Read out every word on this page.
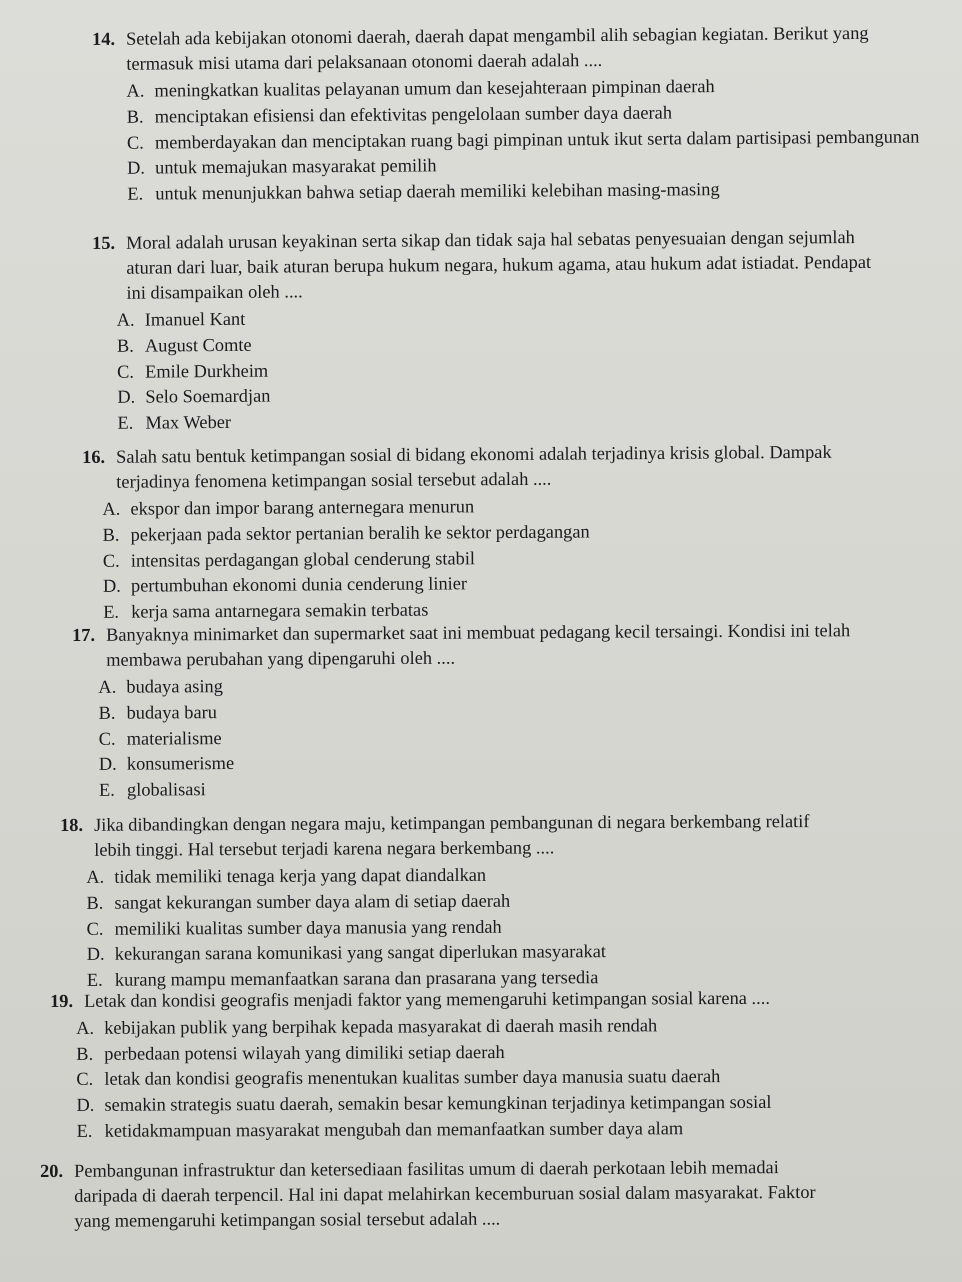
14. Setelah ada kebijakan otonomi daerah, daerah dapat mengambil alih sebagian kegiatan. Berikut yang

termasuk misi utama dari pelaksanaan otonomi daerah adalah ....

A. meningkatkan kualitas pelayanan umum dan kesejahteraan pimpinan daerah
B. menciptakan efisiensi dan efektivitas pengelolaan sumber daya daerah
C. memberdayakan dan menciptakan ruang bagi pimpinan untuk ikut serta dalam partisipasi pembangunan
D. untuk memajukan masyarakat pemilih
E. untuk menunjukkan bahwa setiap daerah memiliki kelebihan masing-masing
15. Moral adalah urusan keyakinan serta sikap dan tidak saja hal sebatas penyesuaian dengan sejumlah

aturan dari luar, baik aturan berupa hukum negara, hukum agama, atau hukum adat istiadat. Pendapat

ini disampaikan oleh ....

A. Imanuel Kant
B. August Comte
C. Emile Durkheim
D. Selo Soemardjan
E. Max Weber
16. Salah satu bentuk ketimpangan sosial di bidang ekonomi adalah terjadinya krisis global. Dampak

terjadinya fenomena ketimpangan sosial tersebut adalah ....

A. ekspor dan impor barang anternegara menurun
B. pekerjaan pada sektor pertanian beralih ke sektor perdagangan
C. intensitas perdagangan global cenderung stabil
D. pertumbuhan ekonomi dunia cenderung linier
E. kerja sama antarnegara semakin terbatas
17. Banyaknya minimarket dan supermarket saat ini membuat pedagang kecil tersaingi. Kondisi ini telah

membawa perubahan yang dipengaruhi oleh ....

A. budaya asing
B. budaya baru
C. materialisme
D. konsumerisme
E. globalisasi
18. Jika dibandingkan dengan negara maju, ketimpangan pembangunan di negara berkembang relatif

lebih tinggi. Hal tersebut terjadi karena negara berkembang ....

A. tidak memiliki tenaga kerja yang dapat diandalkan
B. sangat kekurangan sumber daya alam di setiap daerah
C. memiliki kualitas sumber daya manusia yang rendah
D. kekurangan sarana komunikasi yang sangat diperlukan masyarakat
E. kurang mampu memanfaatkan sarana dan prasarana yang tersedia
19. Letak dan kondisi geografis menjadi faktor yang memengaruhi ketimpangan sosial karena ....

A. kebijakan publik yang berpihak kepada masyarakat di daerah masih rendah
B. perbedaan potensi wilayah yang dimiliki setiap daerah
C. letak dan kondisi geografis menentukan kualitas sumber daya manusia suatu daerah
D. semakin strategis suatu daerah, semakin besar kemungkinan terjadinya ketimpangan sosial
E. ketidakmampuan masyarakat mengubah dan memanfaatkan sumber daya alam
20. Pembangunan infrastruktur dan ketersediaan fasilitas umum di daerah perkotaan lebih memadai

daripada di daerah terpencil. Hal ini dapat melahirkan kecemburuan sosial dalam masyarakat. Faktor

yang memengaruhi ketimpangan sosial tersebut adalah ....
